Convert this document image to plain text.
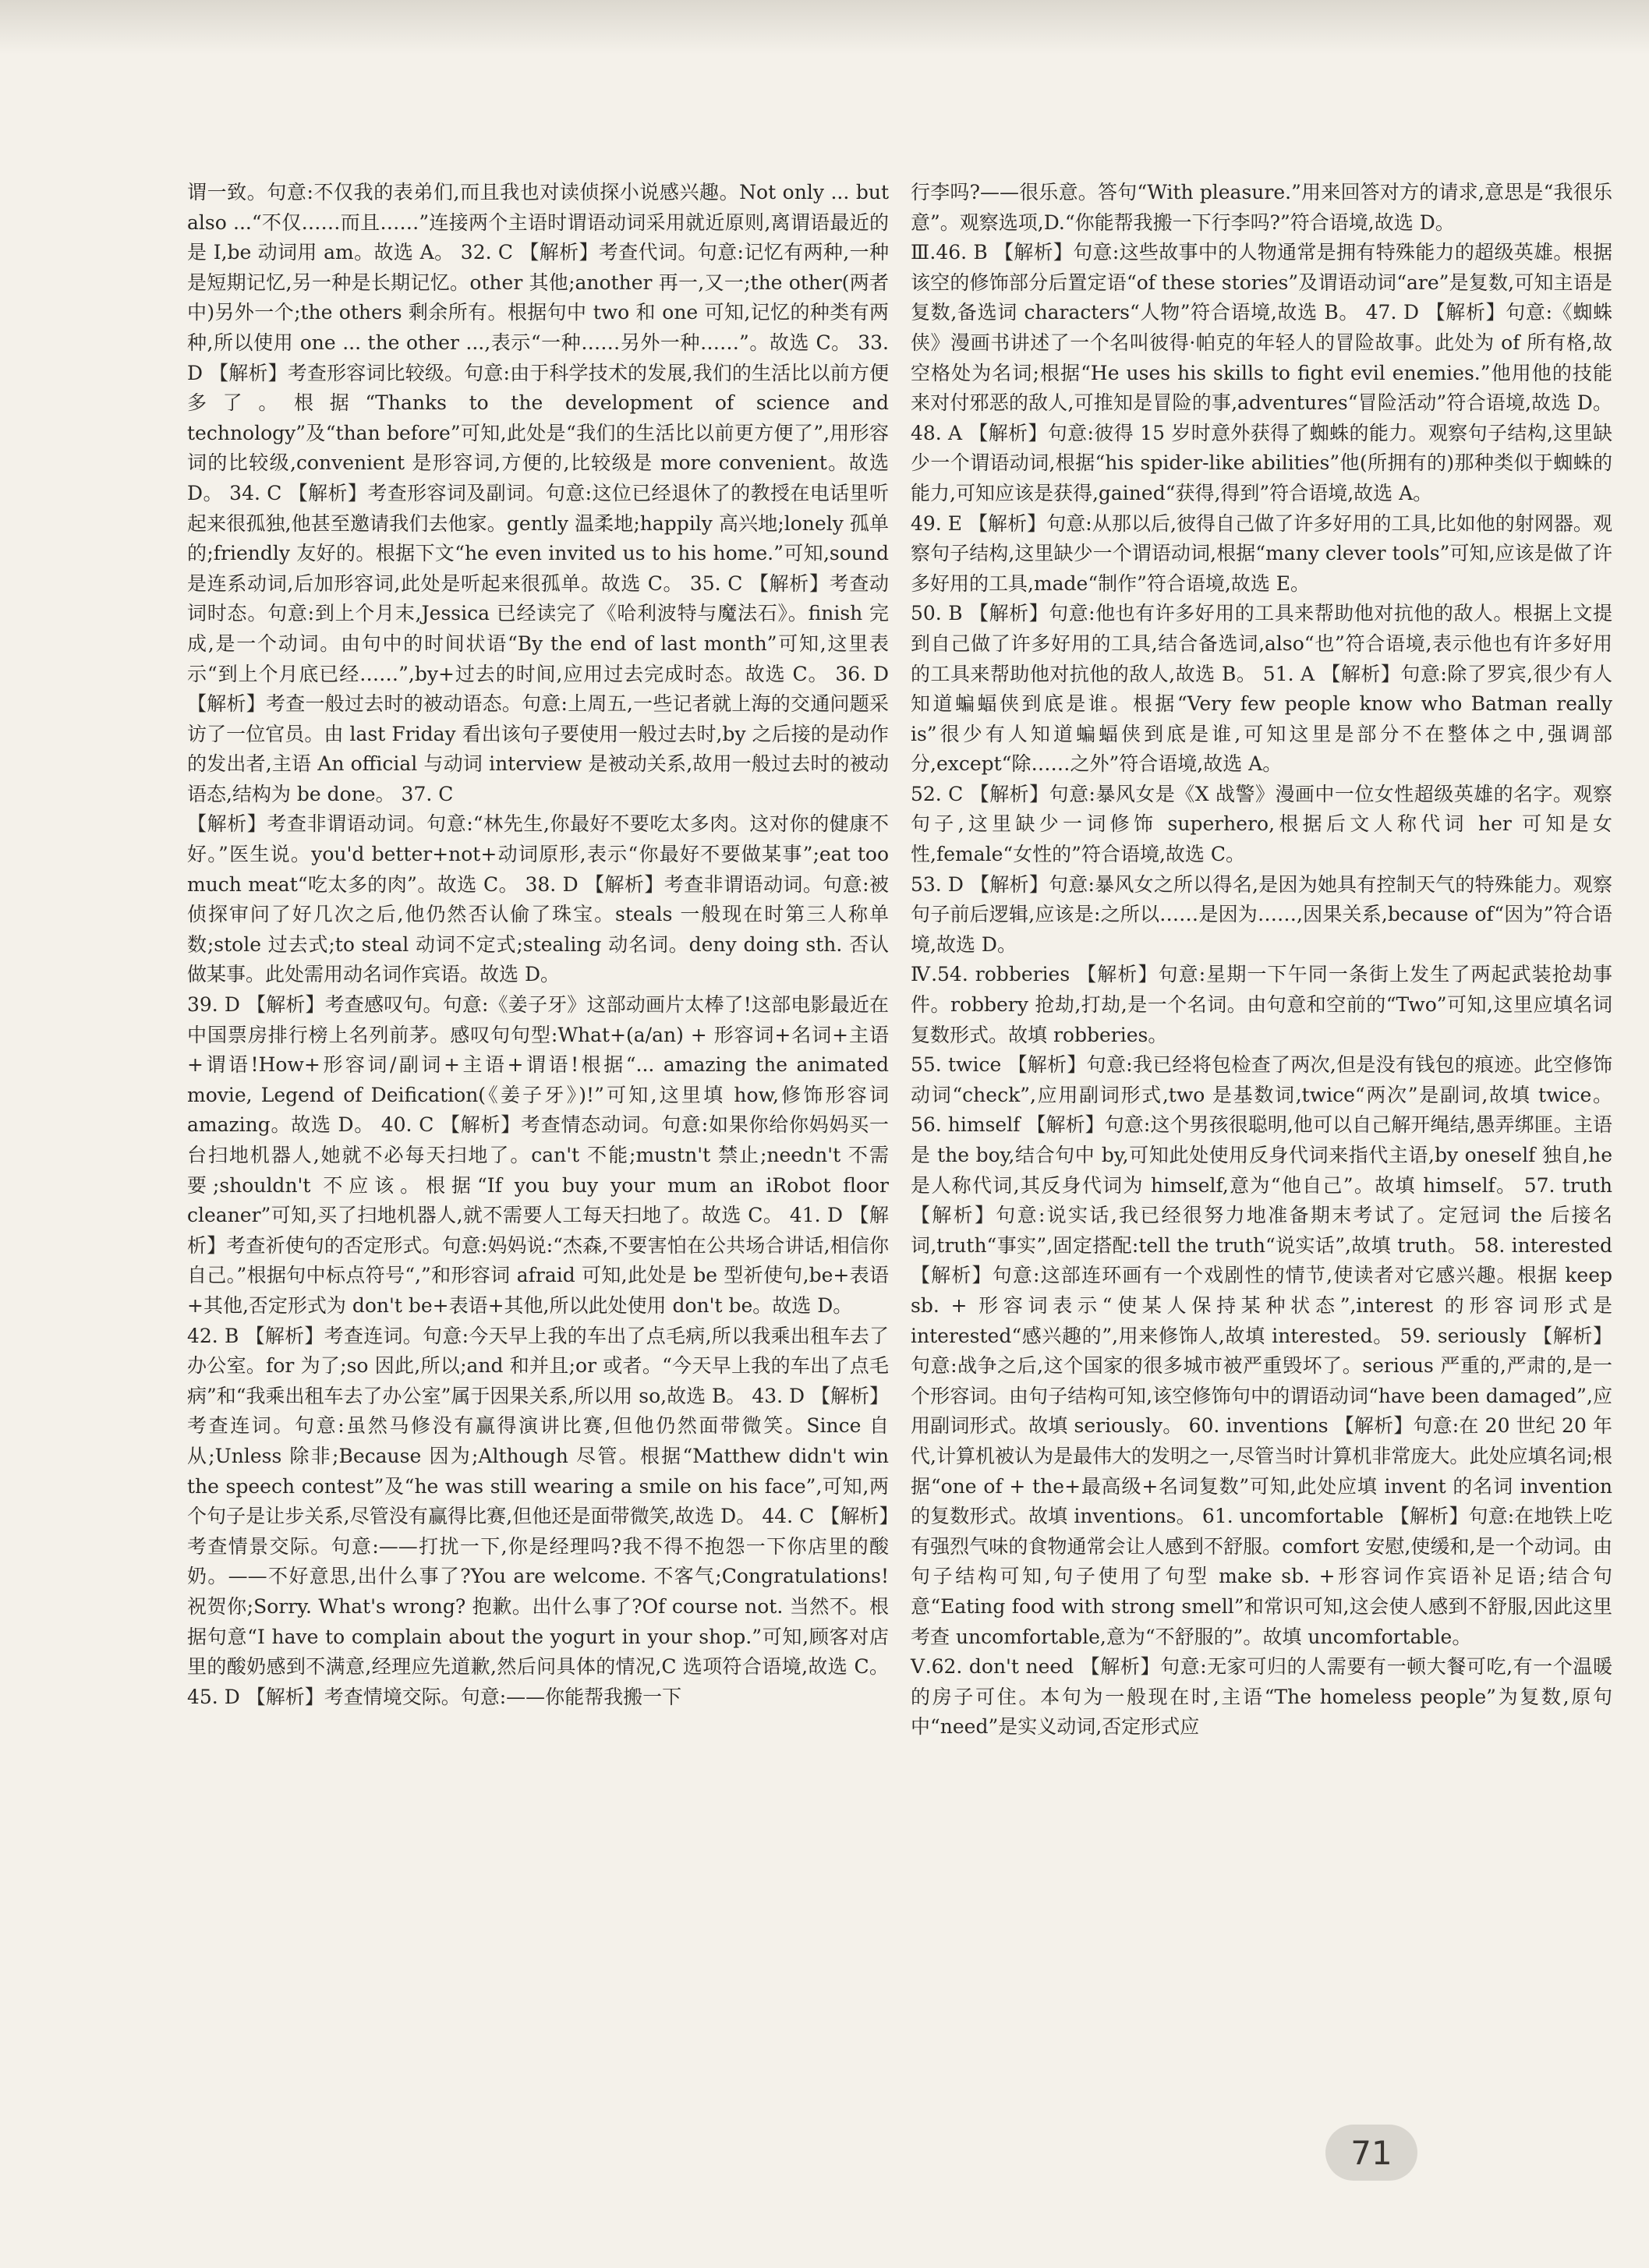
谓一致。句意:不仅我的表弟们,而且我也对读侦探小说感兴趣。Not only ... but also ...“不仅……而且……”连接两个主语时谓语动词采用就近原则,离谓语最近的是 I,be 动词用 am。故选 A。 32. C 【解析】考查代词。句意:记忆有两种,一种是短期记忆,另一种是长期记忆。other 其他;another 再一,又一;the other(两者中)另外一个;the others 剩余所有。根据句中 two 和 one 可知,记忆的种类有两种,所以使用 one ... the other ...,表示“一种……另外一种……”。故选 C。 33. D 【解析】考查形容词比较级。句意:由于科学技术的发展,我们的生活比以前方便多了。根据“Thanks to the development of science and technology”及“than before”可知,此处是“我们的生活比以前更方便了”,用形容词的比较级,convenient 是形容词,方便的,比较级是 more convenient。故选 D。 34. C 【解析】考查形容词及副词。句意:这位已经退休了的教授在电话里听起来很孤独,他甚至邀请我们去他家。gently 温柔地;happily 高兴地;lonely 孤单的;friendly 友好的。根据下文“he even invited us to his home.”可知,sound 是连系动词,后加形容词,此处是听起来很孤单。故选 C。 35. C 【解析】考查动词时态。句意:到上个月末,Jessica 已经读完了《哈利波特与魔法石》。finish 完成,是一个动词。由句中的时间状语“By the end of last month”可知,这里表示“到上个月底已经……”,by+过去的时间,应用过去完成时态。故选 C。 36. D 【解析】考查一般过去时的被动语态。句意:上周五,一些记者就上海的交通问题采访了一位官员。由 last Friday 看出该句子要使用一般过去时,by 之后接的是动作的发出者,主语 An official 与动词 interview 是被动关系,故用一般过去时的被动语态,结构为 be done。 37. C

【解析】考查非谓语动词。句意:“林先生,你最好不要吃太多肉。这对你的健康不好。”医生说。you'd better+not+动词原形,表示“你最好不要做某事”;eat too much meat“吃太多的肉”。故选 C。 38. D 【解析】考查非谓语动词。句意:被侦探审问了好几次之后,他仍然否认偷了珠宝。steals 一般现在时第三人称单数;stole 过去式;to steal 动词不定式;stealing 动名词。deny doing sth. 否认做某事。此处需用动名词作宾语。故选 D。

39. D 【解析】考查感叹句。句意:《姜子牙》这部动画片太棒了!这部电影最近在中国票房排行榜上名列前茅。感叹句句型:What+(a/an) + 形容词+名词+主语+谓语!How+形容词/副词+主语+谓语!根据“... amazing the animated movie, Legend of Deification(《姜子牙》)!”可知,这里填 how,修饰形容词 amazing。故选 D。 40. C 【解析】考查情态动词。句意:如果你给你妈妈买一台扫地机器人,她就不必每天扫地了。can't 不能;mustn't 禁止;needn't 不需要;shouldn't 不应该。根据“If you buy your mum an iRobot floor cleaner”可知,买了扫地机器人,就不需要人工每天扫地了。故选 C。 41. D 【解析】考查祈使句的否定形式。句意:妈妈说:“杰森,不要害怕在公共场合讲话,相信你自己。”根据句中标点符号“,”和形容词 afraid 可知,此处是 be 型祈使句,be+表语+其他,否定形式为 don't be+表语+其他,所以此处使用 don't be。故选 D。

42. B 【解析】考查连词。句意:今天早上我的车出了点毛病,所以我乘出租车去了办公室。for 为了;so 因此,所以;and 和并且;or 或者。“今天早上我的车出了点毛病”和“我乘出租车去了办公室”属于因果关系,所以用 so,故选 B。 43. D 【解析】考查连词。句意:虽然马修没有赢得演讲比赛,但他仍然面带微笑。Since 自从;Unless 除非;Because 因为;Although 尽管。根据“Matthew didn't win the speech contest”及“he was still wearing a smile on his face”,可知,两个句子是让步关系,尽管没有赢得比赛,但他还是面带微笑,故选 D。 44. C 【解析】考查情景交际。句意:——打扰一下,你是经理吗?我不得不抱怨一下你店里的酸奶。——不好意思,出什么事了?You are welcome. 不客气;Congratulations! 祝贺你;Sorry. What's wrong? 抱歉。出什么事了?Of course not. 当然不。根据句意“I have to complain about the yogurt in your shop.”可知,顾客对店里的酸奶感到不满意,经理应先道歉,然后问具体的情况,C 选项符合语境,故选 C。 45. D 【解析】考查情境交际。句意:——你能帮我搬一下

行李吗?——很乐意。答句“With pleasure.”用来回答对方的请求,意思是“我很乐意”。观察选项,D.“你能帮我搬一下行李吗?”符合语境,故选 D。

Ⅲ.46. B 【解析】句意:这些故事中的人物通常是拥有特殊能力的超级英雄。根据该空的修饰部分后置定语“of these stories”及谓语动词“are”是复数,可知主语是复数,备选词 characters“人物”符合语境,故选 B。 47. D 【解析】句意:《蜘蛛侠》漫画书讲述了一个名叫彼得·帕克的年轻人的冒险故事。此处为 of 所有格,故空格处为名词;根据“He uses his skills to fight evil enemies.”他用他的技能来对付邪恶的敌人,可推知是冒险的事,adventures“冒险活动”符合语境,故选 D。 48. A 【解析】句意:彼得 15 岁时意外获得了蜘蛛的能力。观察句子结构,这里缺少一个谓语动词,根据“his spider-like abilities”他(所拥有的)那种类似于蜘蛛的能力,可知应该是获得,gained“获得,得到”符合语境,故选 A。

49. E 【解析】句意:从那以后,彼得自己做了许多好用的工具,比如他的射网器。观察句子结构,这里缺少一个谓语动词,根据“many clever tools”可知,应该是做了许多好用的工具,made“制作”符合语境,故选 E。

50. B 【解析】句意:他也有许多好用的工具来帮助他对抗他的敌人。根据上文提到自己做了许多好用的工具,结合备选词,also“也”符合语境,表示他也有许多好用的工具来帮助他对抗他的敌人,故选 B。 51. A 【解析】句意:除了罗宾,很少有人知道蝙蝠侠到底是谁。根据“Very few people know who Batman really is”很少有人知道蝙蝠侠到底是谁,可知这里是部分不在整体之中,强调部分,except“除……之外”符合语境,故选 A。

52. C 【解析】句意:暴风女是《X 战警》漫画中一位女性超级英雄的名字。观察句子,这里缺少一词修饰 superhero,根据后文人称代词 her 可知是女性,female“女性的”符合语境,故选 C。

53. D 【解析】句意:暴风女之所以得名,是因为她具有控制天气的特殊能力。观察句子前后逻辑,应该是:之所以……是因为……,因果关系,because of“因为”符合语境,故选 D。

Ⅳ.54. robberies 【解析】句意:星期一下午同一条街上发生了两起武装抢劫事件。robbery 抢劫,打劫,是一个名词。由句意和空前的“Two”可知,这里应填名词复数形式。故填 robberies。

55. twice 【解析】句意:我已经将包检查了两次,但是没有钱包的痕迹。此空修饰动词“check”,应用副词形式,two 是基数词,twice“两次”是副词,故填 twice。 56. himself 【解析】句意:这个男孩很聪明,他可以自己解开绳结,愚弄绑匪。主语是 the boy,结合句中 by,可知此处使用反身代词来指代主语,by oneself 独自,he 是人称代词,其反身代词为 himself,意为“他自己”。故填 himself。 57. truth 【解析】句意:说实话,我已经很努力地准备期末考试了。定冠词 the 后接名词,truth“事实”,固定搭配:tell the truth“说实话”,故填 truth。 58. interested 【解析】句意:这部连环画有一个戏剧性的情节,使读者对它感兴趣。根据 keep sb. + 形容词表示“使某人保持某种状态”,interest 的形容词形式是 interested“感兴趣的”,用来修饰人,故填 interested。 59. seriously 【解析】句意:战争之后,这个国家的很多城市被严重毁坏了。serious 严重的,严肃的,是一个形容词。由句子结构可知,该空修饰句中的谓语动词“have been damaged”,应用副词形式。故填 seriously。 60. inventions 【解析】句意:在 20 世纪 20 年代,计算机被认为是最伟大的发明之一,尽管当时计算机非常庞大。此处应填名词;根据“one of + the+最高级+名词复数”可知,此处应填 invent 的名词 invention 的复数形式。故填 inventions。 61. uncomfortable 【解析】句意:在地铁上吃有强烈气味的食物通常会让人感到不舒服。comfort 安慰,使缓和,是一个动词。由句子结构可知,句子使用了句型 make sb. +形容词作宾语补足语;结合句意“Eating food with strong smell”和常识可知,这会使人感到不舒服,因此这里考查 uncomfortable,意为“不舒服的”。故填 uncomfortable。

Ⅴ.62. don't need 【解析】句意:无家可归的人需要有一顿大餐可吃,有一个温暖的房子可住。本句为一般现在时,主语“The homeless people”为复数,原句中“need”是实义动词,否定形式应

71
